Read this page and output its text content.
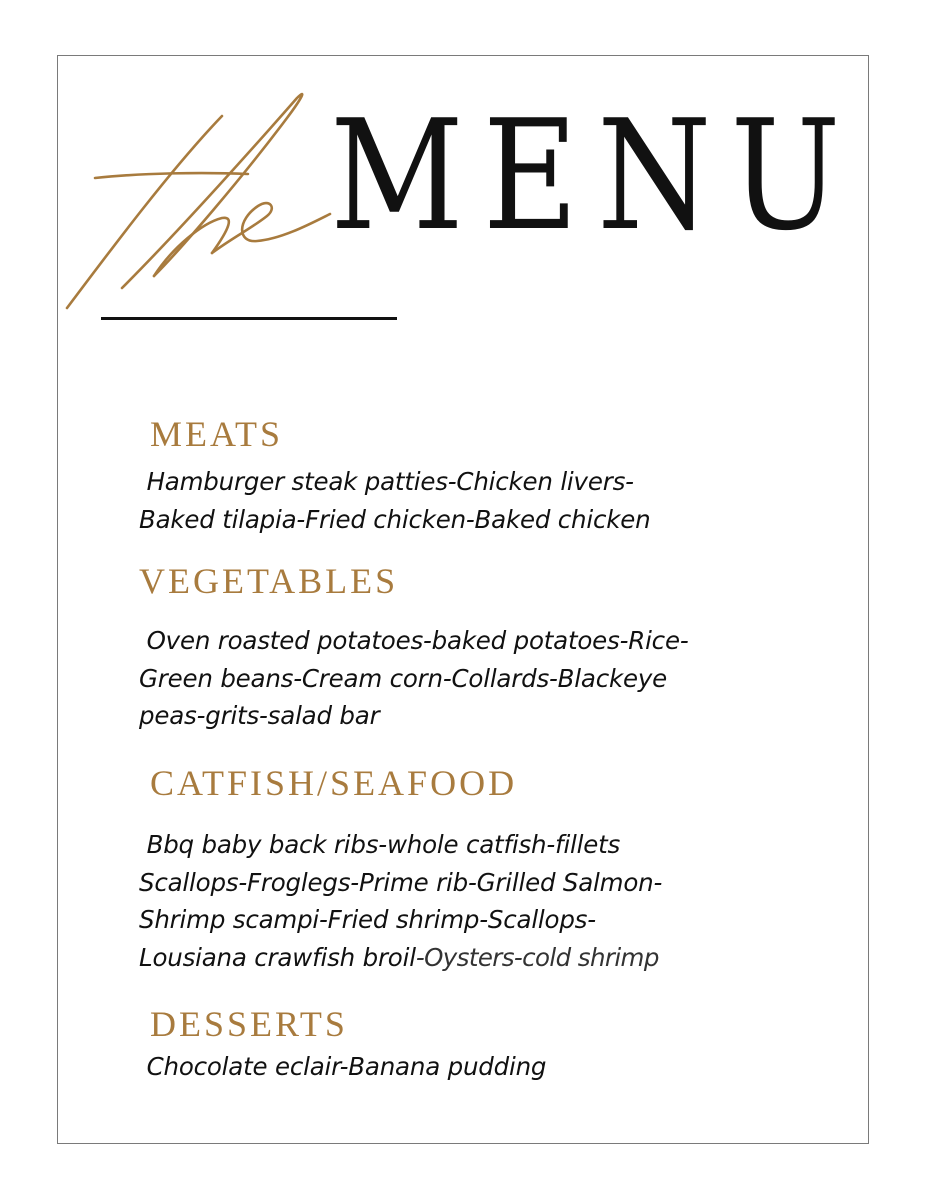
MENU
MEATS
Hamburger steak patties-Chicken livers-
Baked tilapia-Fried chicken-Baked chicken
VEGETABLES
Oven roasted potatoes-baked potatoes-Rice-
Green beans-Cream corn-Collards-Blackeye
peas-grits-salad bar
CATFISH/SEAFOOD
Bbq baby back ribs-whole catfish-fillets
Scallops-Froglegs-Prime rib-Grilled Salmon-
Shrimp scampi-Fried shrimp-Scallops-
Lousiana crawfish broil-Oysters-cold shrimp
DESSERTS
Chocolate eclair-Banana pudding
